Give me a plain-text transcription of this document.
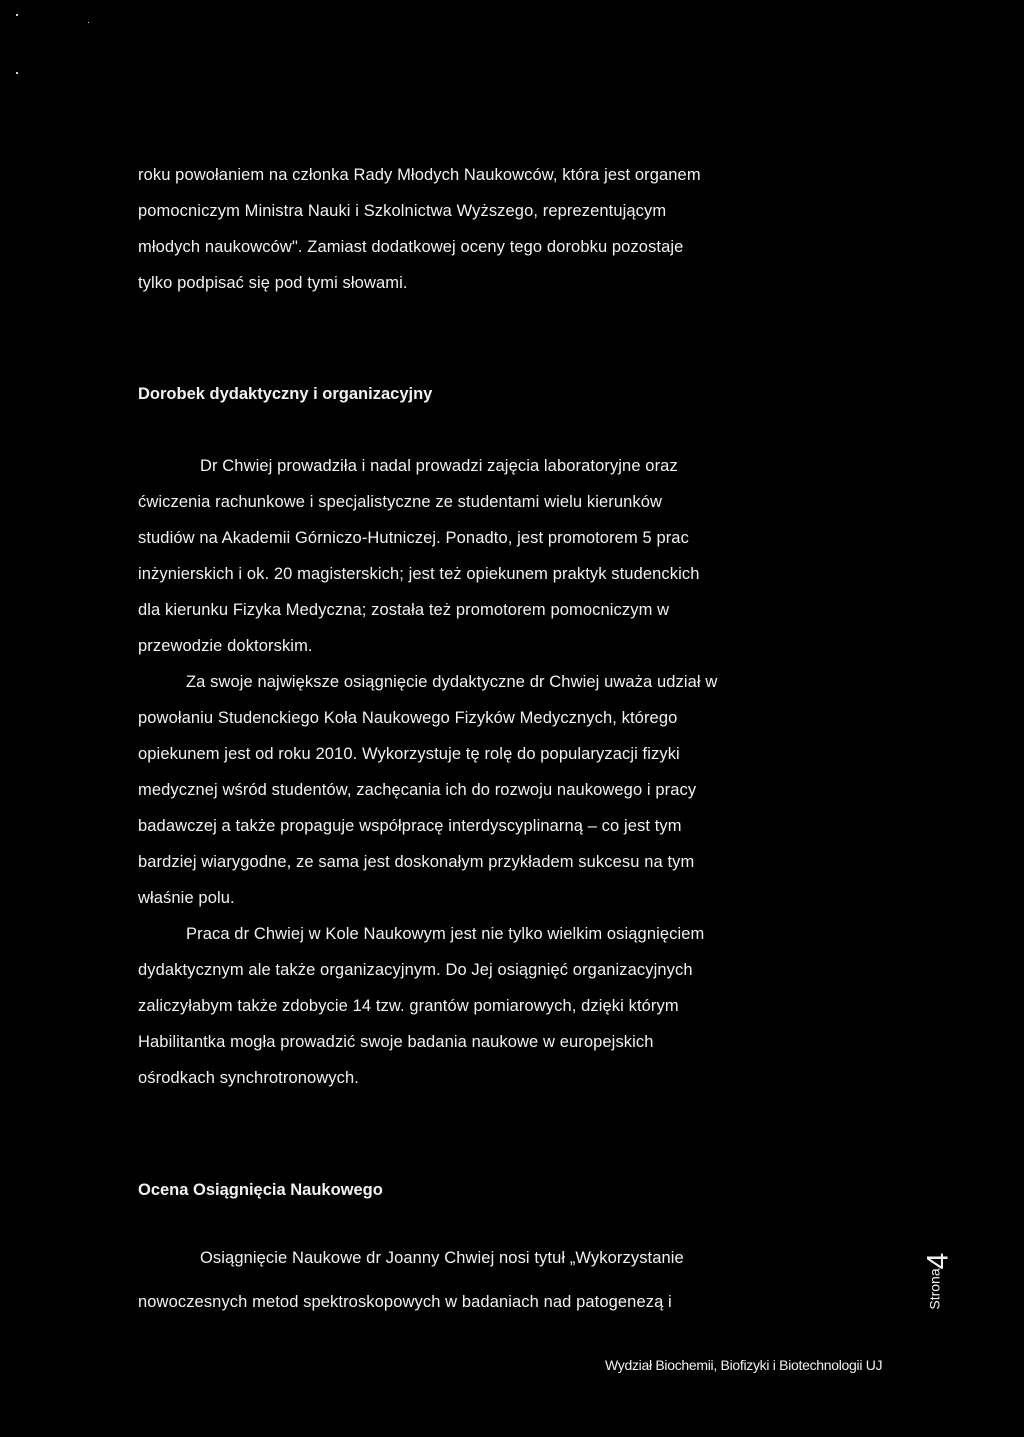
roku powołaniem na członka Rady Młodych Naukowców, która jest organem
pomocniczym Ministra Nauki i Szkolnictwa Wyższego, reprezentującym
młodych naukowców". Zamiast dodatkowej oceny tego dorobku pozostaje
tylko podpisać się pod tymi słowami.
Dorobek dydaktyczny i organizacyjny
Dr Chwiej prowadziła i nadal prowadzi zajęcia laboratoryjne oraz
ćwiczenia rachunkowe i specjalistyczne ze studentami wielu kierunków
studiów na Akademii Górniczo-Hutniczej. Ponadto, jest promotorem 5 prac
inżynierskich i ok. 20 magisterskich; jest też opiekunem praktyk studenckich
dla kierunku Fizyka Medyczna; została też promotorem pomocniczym w
przewodzie doktorskim.
Za swoje największe osiągnięcie dydaktyczne dr Chwiej uważa udział w
powołaniu Studenckiego Koła Naukowego Fizyków Medycznych, którego
opiekunem jest od roku 2010. Wykorzystuje tę rolę do popularyzacji fizyki
medycznej wśród studentów, zachęcania ich do rozwoju naukowego i pracy
badawczej a także propaguje współpracę interdyscyplinarną – co jest tym
bardziej wiarygodne, ze sama jest doskonałym przykładem sukcesu na tym
właśnie polu.
Praca dr Chwiej w Kole Naukowym jest nie tylko wielkim osiągnięciem
dydaktycznym ale także organizacyjnym. Do Jej osiągnięć organizacyjnych
zaliczyłabym także zdobycie 14 tzw. grantów pomiarowych, dzięki którym
Habilitantka mogła prowadzić swoje badania naukowe w europejskich
ośrodkach synchrotronowych.
Ocena Osiągnięcia Naukowego
Osiągnięcie Naukowe dr Joanny Chwiej nosi tytuł „Wykorzystanie
nowoczesnych metod spektroskopowych w badaniach nad patogenezą i	Strona
4
Wydział Biochemii, Biofizyki i Biotechnologii UJ
